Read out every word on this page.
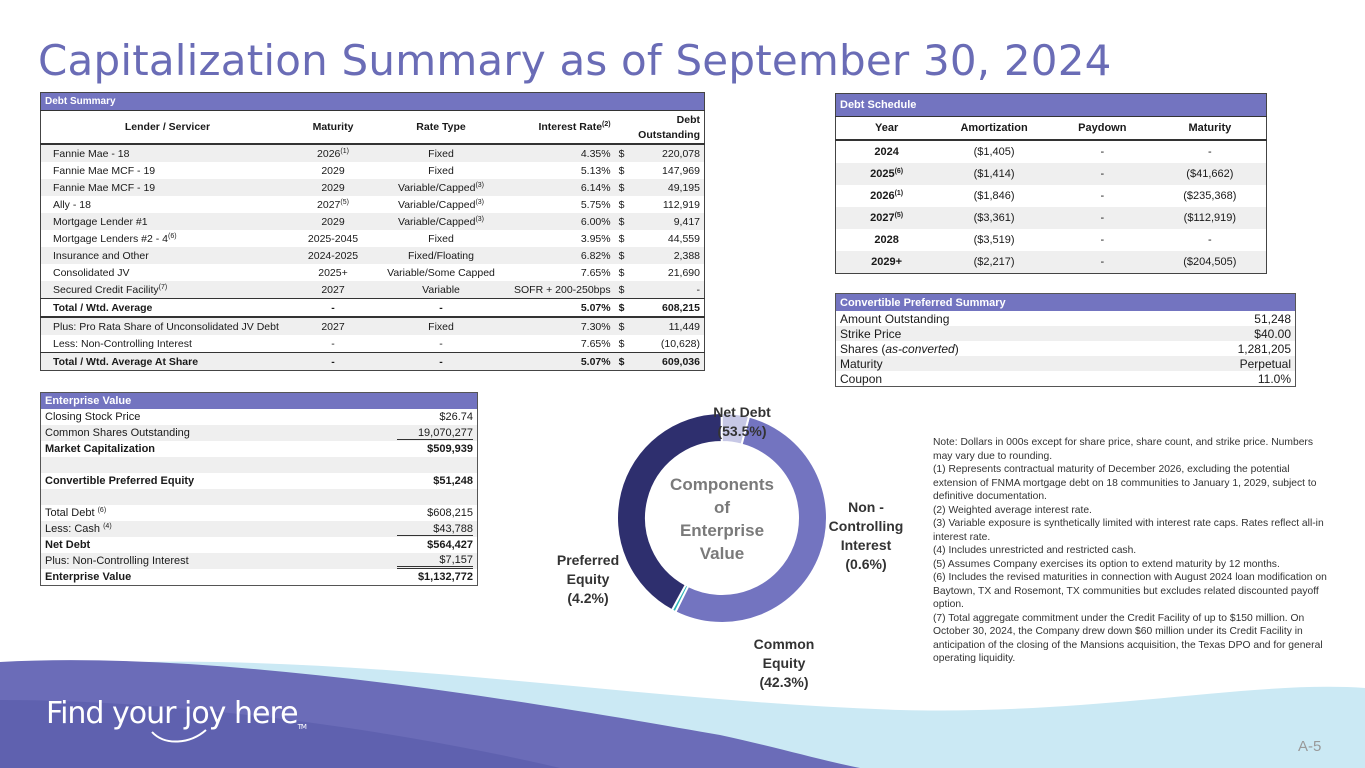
Capitalization Summary as of September 30, 2024
Debt Summary					
Lender / Servicer	Maturity	Rate Type	Interest Rate$^{(2)}$	Debt
Outstanding	
Fannie Mae - 18	2026$^{(1)}$	Fixed	4.35%	$	220,078
Fannie Mae MCF - 19	2029	Fixed	5.13%	$	147,969
Fannie Mae MCF - 19	2029	Variable/Capped$^{(3)}$	6.14%	$	49,195
Ally - 18	2027$^{(5)}$	Variable/Capped$^{(3)}$	5.75%	$	112,919
Mortgage Lender #1	2029	Variable/Capped$^{(3)}$	6.00%	$	9,417
Mortgage Lenders #2 - 4$^{(6)}$	2025-2045	Fixed	3.95%	$	44,559
Insurance and Other	2024-2025	Fixed/Floating	6.82%	$	2,388
Consolidated JV	2025+	Variable/Some Capped	7.65%	$	21,690
Secured Credit Facility$^{(7)}$	2027	Variable	SOFR + 200-250bps	$	-
Total / Wtd. Average	-	-	5.07%	$	608,215
Plus: Pro Rata Share of Unconsolidated JV Debt	2027	Fixed	7.30%	$	11,449
Less: Non-Controlling Interest	-	-	7.65%	$	(10,628)
Total / Wtd. Average At Share	-	-	5.07%	$	609,036
Debt Schedule			
Year	Amortization	Paydown	Maturity
2024	($1,405)	-	-
2025$^{(6)}$	($1,414)	-	($41,662)
2026$^{(1)}$	($1,846)	-	($235,368)
2027$^{(5)}$	($3,361)	-	($112,919)
2028	($3,519)	-	-
2029+	($2,217)	-	($204,505)
Convertible Preferred Summary	
Amount Outstanding	51,248
Strike Price	$40.00
Shares (as-converted)	1,281,205
Maturity	Perpetual
Coupon	11.0%
Enterprise Value	
Closing Stock Price	$26.74
Common Shares Outstanding	19,070,277
Market Capitalization	$509,939

Convertible Preferred Equity	$51,248

Total Debt $^{(6)}$	$608,215
Less: Cash $^{(4)}$	$43,788
Net Debt	$564,427
Plus: Non-Controlling Interest	$7,157
Enterprise Value	$1,132,772
Components
of
Enterprise
Value
Net Debt
(53.5%)
Non -
Controlling
Interest
(0.6%)
Common
Equity
(42.3%)
Preferred
Equity
(4.2%)
Note: Dollars in 000s except for share price, share count, and strike price. Numbers may vary due to rounding.
(1) Represents contractual maturity of December 2026, excluding the potential extension of FNMA mortgage debt on 18 communities to January 1, 2029, subject to definitive documentation.
(2) Weighted average interest rate.
(3) Variable exposure is synthetically limited with interest rate caps. Rates reflect all-in interest rate.
(4) Includes unrestricted and restricted cash.
(5) Assumes Company exercises its option to extend maturity by 12 months.
(6) Includes the revised maturities in connection with August 2024 loan modification on Baytown, TX and Rosemont, TX communities but excludes related discounted payoff option.
(7) Total aggregate commitment under the Credit Facility of up to $150 million. On October 30, 2024, the Company drew down $60 million under its Credit Facility in anticipation of the closing of the Mansions acquisition, the Texas DPO and for general operating liquidity.
Find your joy hereTM
A-5
